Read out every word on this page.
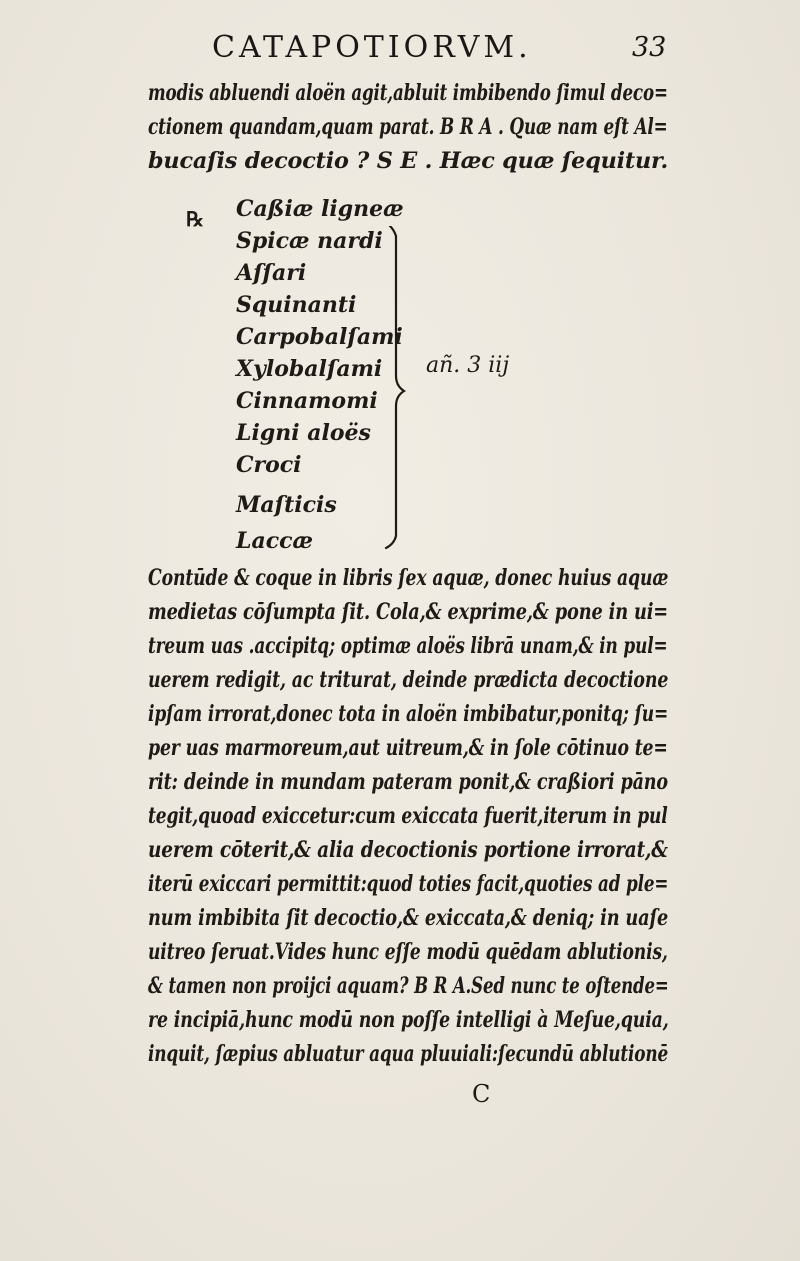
CATAPOTIORVM.	33
modis abluendi aloën agit,abluit imbibendo ſimul deco=
ctionem quandam,quam parat. B R A . Quæ nam eſt Al=
bucaſis decoctio ? S E . Hæc quæ ſequitur.
℞ Caßiæ ligneæ
Spicæ nardi
Aſſari
Squinanti
Carpobalſami
Xylobalſami
Cinnamomi
Ligni aloës
Croci
Maſticis
Laccæ
añ. 3 iij
Contūde & coque in libris ſex aquæ, donec huius aquæ
medietas cōſumpta ſit. Cola,& exprime,& pone in ui=
treum uas .accipitq; optimæ aloës librā unam,& in pul=
uerem redigit, ac triturat, deinde prædicta decoctione
ipſam irrorat,donec tota in aloën imbibatur,ponitq; ſu=
per uas marmoreum,aut uitreum,& in ſole cōtinuo te=
rit: deinde in mundam pateram ponit,& craßiori pāno
tegit,quoad exiccetur:cum exiccata fuerit,iterum in pul
uerem cōterit,& alia decoctionis portione irrorat,&
iterū exiccari permittit:quod toties facit,quoties ad ple=
num imbibita ſit decoctio,& exiccata,& deniq; in uaſe
uitreo ſeruat.Vides hunc eſſe modū quēdam ablutionis,
& tamen non proijci aquam? B R A.Sed nunc te oſtende=
re incipiā,hunc modū non poſſe intelligi à Meſue,quia,
inquit, ſæpius abluatur aqua pluuiali:ſecundū ablutionē
C
